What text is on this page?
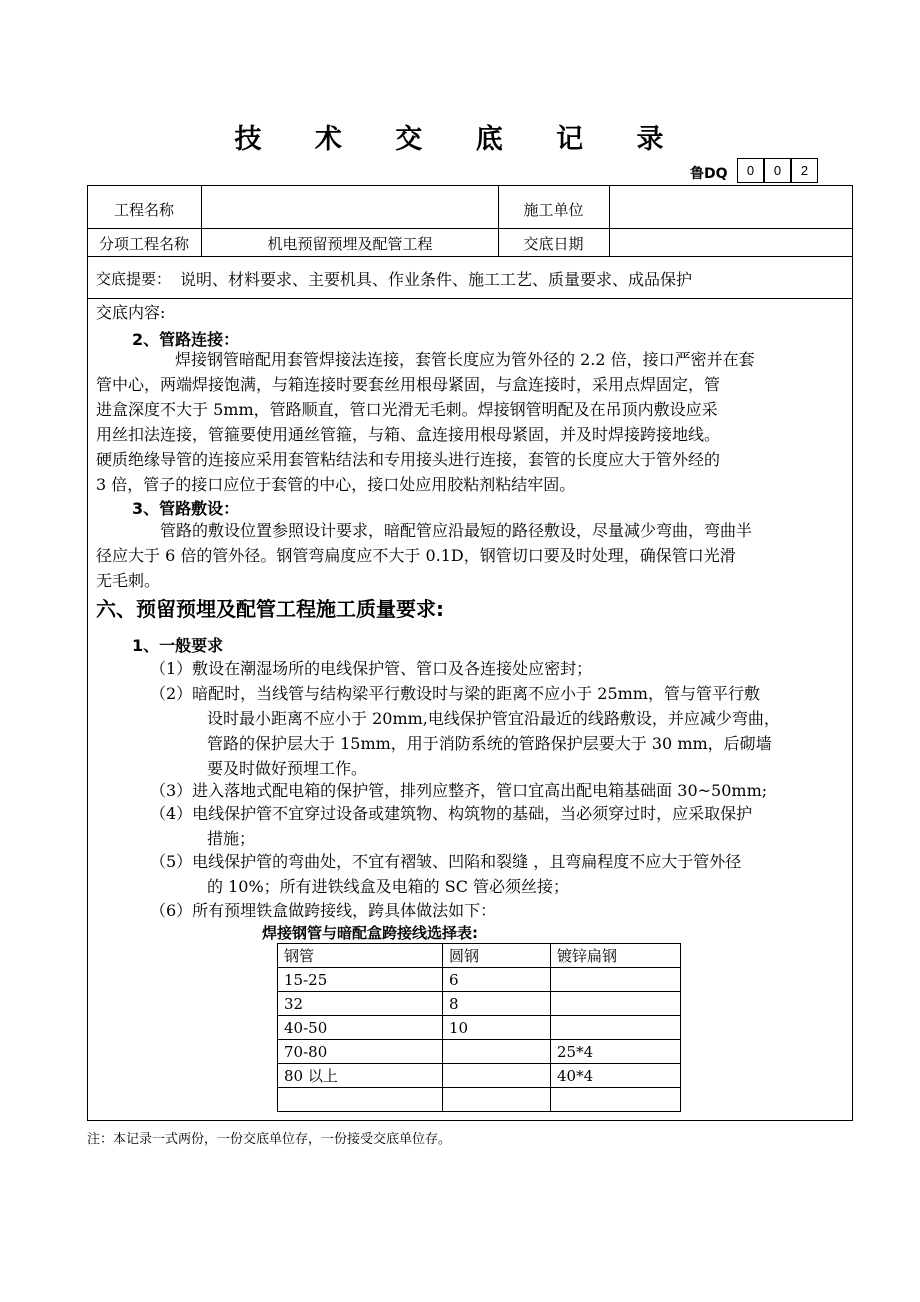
技 术 交 底 记 录
鲁DQ	0	0	2
工程名称	施工单位
分项工程名称	机电预留预埋及配管工程	交底日期
交底提要： 说明、材料要求、主要机具、作业条件、施工工艺、质量要求、成品保护
交底内容:
2、管路连接：
焊接钢管暗配用套管焊接法连接，套管长度应为管外径的 2.2 倍，接口严密并在套
管中心，两端焊接饱满，与箱连接时要套丝用根母紧固，与盒连接时，采用点焊固定，管
进盒深度不大于 5mm，管路顺直，管口光滑无毛刺。焊接钢管明配及在吊顶内敷设应采
用丝扣法连接，管箍要使用通丝管箍，与箱、盒连接用根母紧固，并及时焊接跨接地线。
硬质绝缘导管的连接应采用套管粘结法和专用接头进行连接，套管的长度应大于管外经的
3 倍，管子的接口应位于套管的中心，接口处应用胶粘剂粘结牢固。
3、管路敷设：
管路的敷设位置参照设计要求，暗配管应沿最短的路径敷设，尽量减少弯曲，弯曲半
径应大于 6 倍的管外径。钢管弯扁度应不大于 0.1D，钢管切口要及时处理，确保管口光滑
无毛刺。
六、预留预埋及配管工程施工质量要求:
1、一般要求
（1）敷设在潮湿场所的电线保护管、管口及各连接处应密封；
（2）暗配时，当线管与结构梁平行敷设时与梁的距离不应小于 25mm，管与管平行敷
设时最小距离不应小于 20mm,电线保护管宜沿最近的线路敷设，并应减少弯曲，
管路的保护层大于 15mm，用于消防系统的管路保护层要大于 30 mm，后砌墙
要及时做好预埋工作。
（3）进入落地式配电箱的保护管，排列应整齐，管口宜高出配电箱基础面 30~50mm;
（4）电线保护管不宜穿过设备或建筑物、构筑物的基础，当必须穿过时，应采取保护
措施；
（5）电线保护管的弯曲处，不宜有褶皱、凹陷和裂缝 ，且弯扁程度不应大于管外径
的 10%；所有进铁线盒及电箱的 SC 管必须丝接；
（6）所有预埋铁盒做跨接线，跨具体做法如下：
焊接钢管与暗配盒跨接线选择表:
钢管	圆钢	镀锌扁钢
15-25	6	
32	8	
40-50	10	
70-80		25*4
80 以上		40*4

注：本记录一式两份，一份交底单位存，一份接受交底单位存。
